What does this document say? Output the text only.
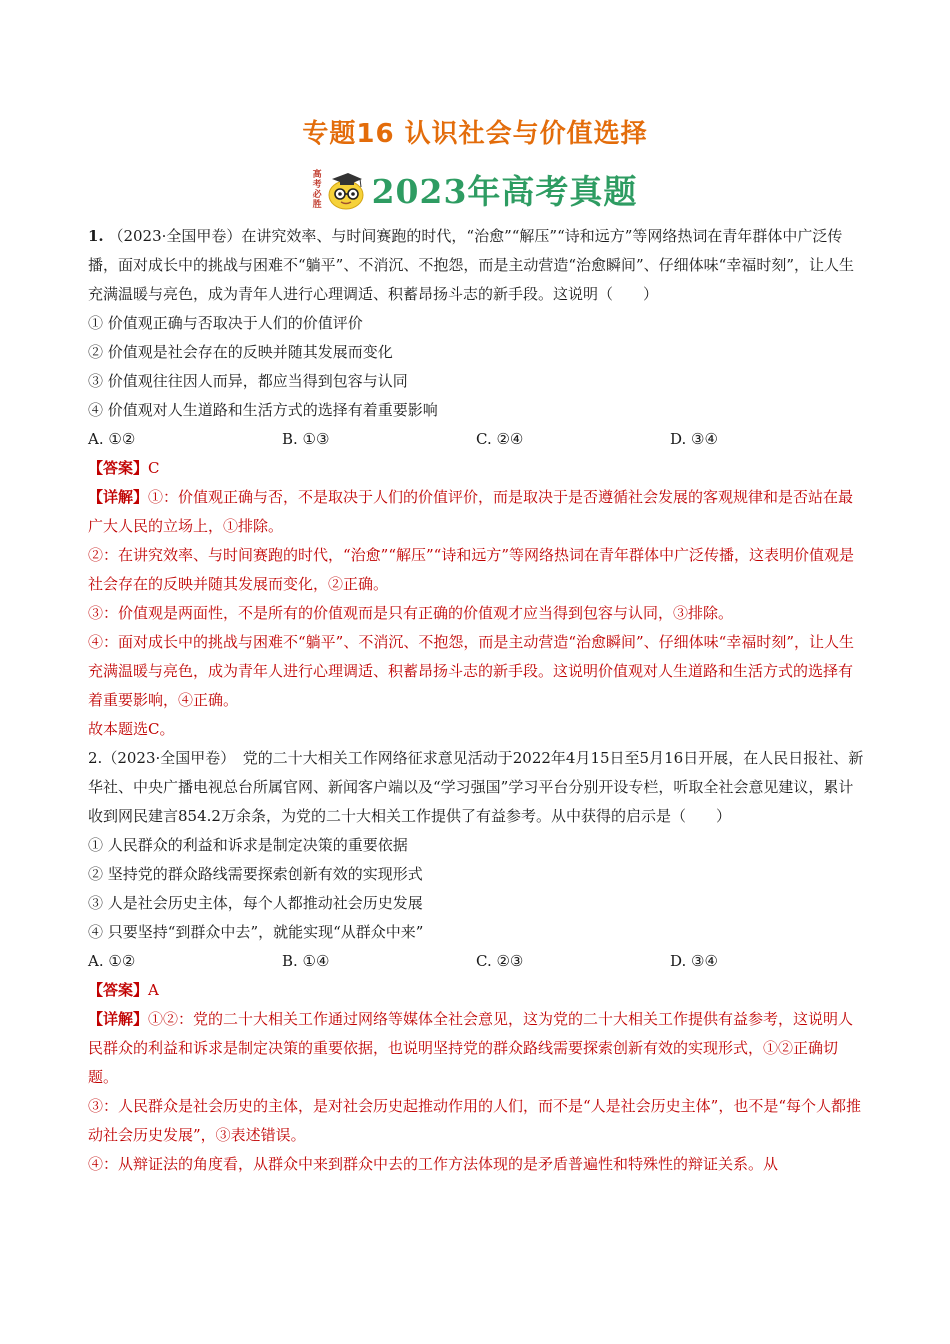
专题16 认识社会与价值选择
高
考
必
胜 2023年高考真题

1. （2023·全国甲卷）在讲究效率、与时间赛跑的时代，“治愈”“解压”“诗和远方”等网络热词在青年群体中广泛传播，面对成长中的挑战与困难不“躺平”、不消沉、不抱怨，而是主动营造“治愈瞬间”、仔细体味“幸福时刻”，让人生充满温暖与亮色，成为青年人进行心理调适、积蓄昂扬斗志的新手段。这说明（　　）

① 价值观正确与否取决于人们的价值评价

② 价值观是社会存在的反映并随其发展而变化

③ 价值观往往因人而异，都应当得到包容与认同

④ 价值观对人生道路和生活方式的选择有着重要影响

A. ①②	B. ①③	C. ②④	D. ③④

【答案】C

【详解】①：价值观正确与否，不是取决于人们的价值评价，而是取决于是否遵循社会发展的客观规律和是否站在最广大人民的立场上，①排除。

②：在讲究效率、与时间赛跑的时代，“治愈”“解压”“诗和远方”等网络热词在青年群体中广泛传播，这表明价值观是社会存在的反映并随其发展而变化，②正确。

③：价值观是两面性，不是所有的价值观而是只有正确的价值观才应当得到包容与认同，③排除。

④：面对成长中的挑战与困难不“躺平”、不消沉、不抱怨，而是主动营造“治愈瞬间”、仔细体味“幸福时刻”，让人生充满温暖与亮色，成为青年人进行心理调适、积蓄昂扬斗志的新手段。这说明价值观对人生道路和生活方式的选择有着重要影响，④正确。

故本题选C。

2.（2023·全国甲卷）　党的二十大相关工作网络征求意见活动于2022年4月15日至5月16日开展，在人民日报社、新华社、中央广播电视总台所属官网、新闻客户端以及“学习强国”学习平台分别开设专栏，听取全社会意见建议，累计收到网民建言854.2万余条，为党的二十大相关工作提供了有益参考。从中获得的启示是（　　）

① 人民群众的利益和诉求是制定决策的重要依据

② 坚持党的群众路线需要探索创新有效的实现形式

③ 人是社会历史主体，每个人都推动社会历史发展

④ 只要坚持“到群众中去”，就能实现“从群众中来”

A. ①②	B. ①④	C. ②③	D. ③④

【答案】A

【详解】①②：党的二十大相关工作通过网络等媒体全社会意见，这为党的二十大相关工作提供有益参考，这说明人民群众的利益和诉求是制定决策的重要依据，也说明坚持党的群众路线需要探索创新有效的实现形式，①②正确切题。

③：人民群众是社会历史的主体，是对社会历史起推动作用的人们，而不是“人是社会历史主体”，也不是“每个人都推动社会历史发展”，③表述错误。

④：从辩证法的角度看，从群众中来到群众中去的工作方法体现的是矛盾普遍性和特殊性的辩证关系。从
